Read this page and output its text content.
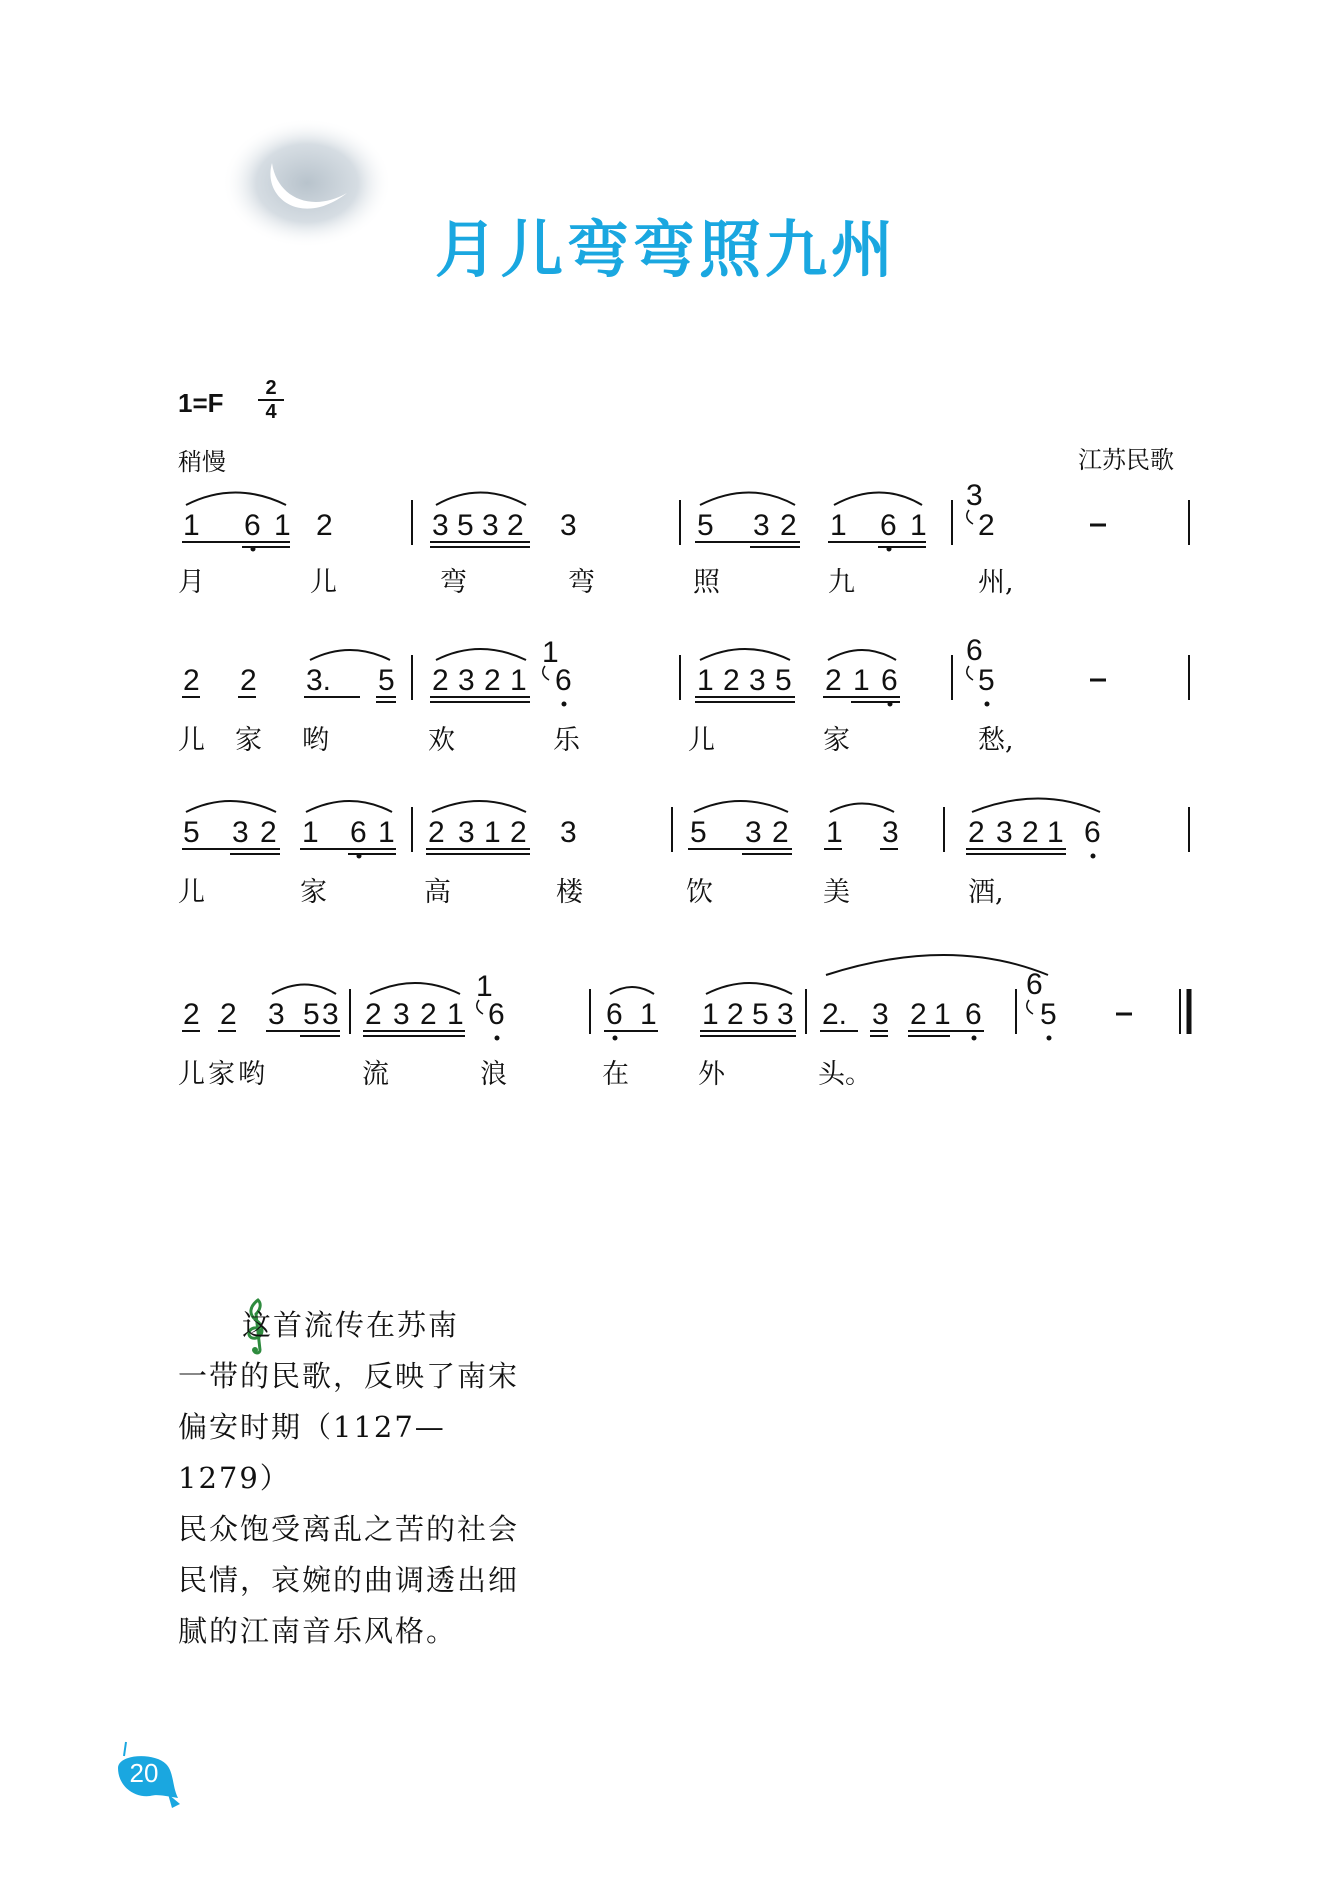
月儿弯弯照九州
1=F	2
4
稍慢	江苏民歌
1 6 1 2	3 5 3 2 3	5 3 2 1 6 1
3
2
2 2 3. 5 2 3 2 1
1
6	1 2 3 5 2 1 6
6
5
5 3 2 1 6 1 2 3 1 2 3	5 3 2 1 3 2 3 2 1 6
2 2 3 5 3 2 3 2 1
1
6	6 1 1 2 5 3 2. 3 2 1 6
6
5
月	儿	弯	弯	照	九	州,
儿 家 哟	欢	乐	儿	家	愁,
儿	家	高	楼	饮	美	酒,
儿家哟	流	浪	在	外	头。

这首流传在苏南

一带的民歌，反映了南宋

偏安时期（1127—1279）

民众饱受离乱之苦的社会

民情，哀婉的曲调透出细

腻的江南音乐风格。

20
